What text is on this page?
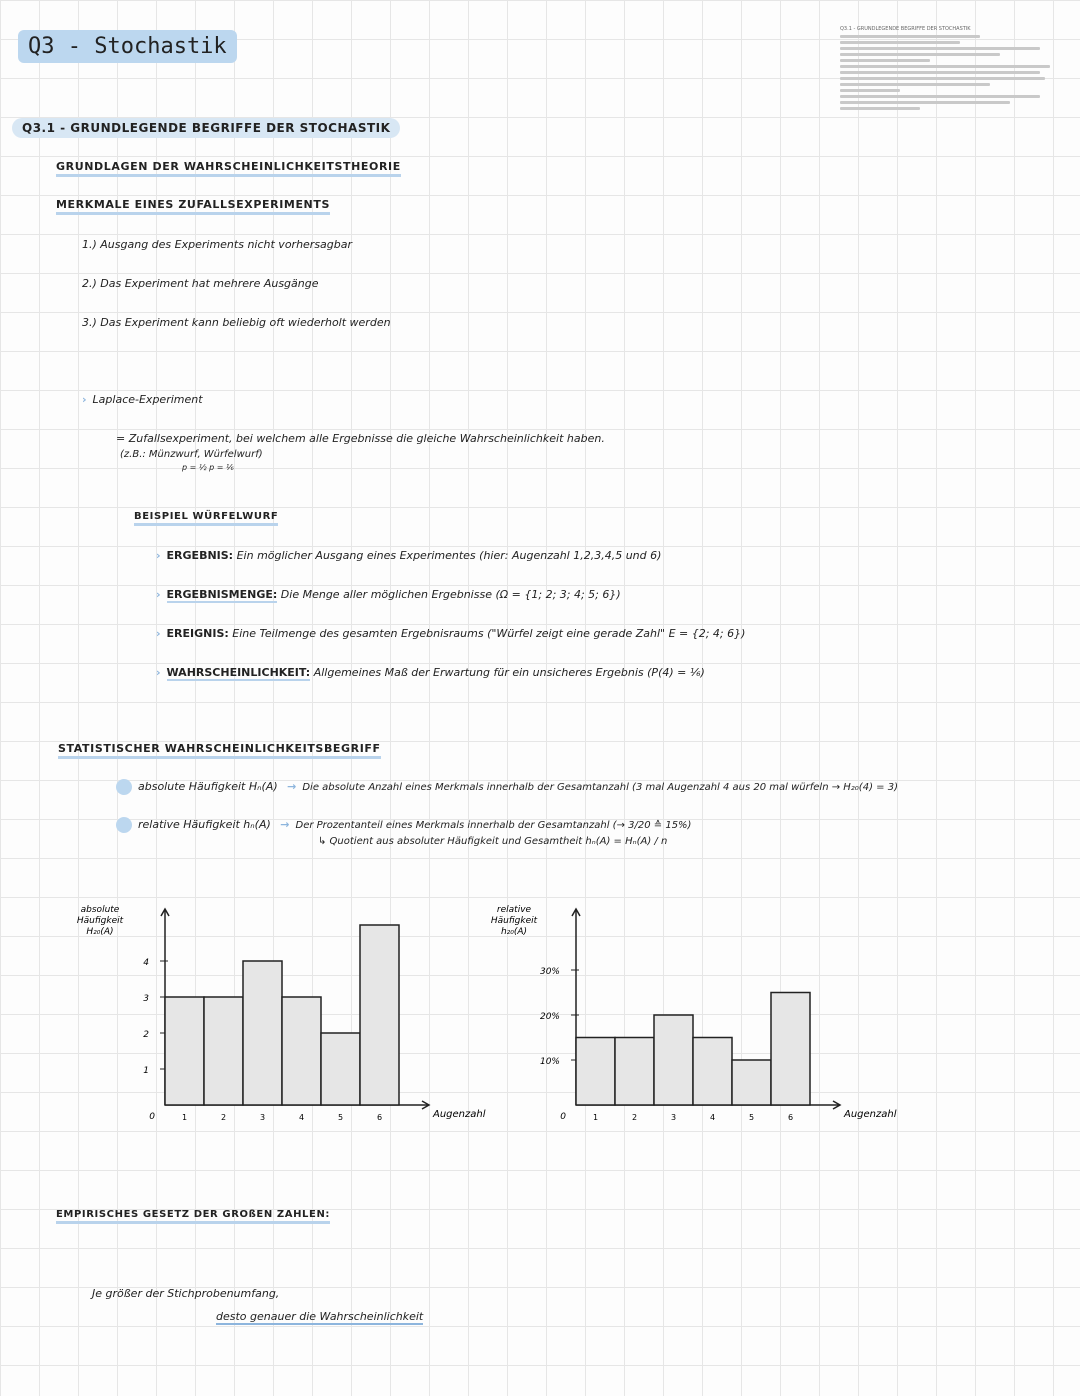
Q3 - Stochastik
Q3.1 - GRUNDLEGENDE BEGRIFFE DER STOCHASTIK
Q3.1 - GRUNDLEGENDE BEGRIFFE DER STOCHASTIK
GRUNDLAGEN DER WAHRSCHEINLICHKEITSTHEORIE
MERKMALE EINES ZUFALLSEXPERIMENTS
1.) Ausgang des Experiments nicht vorhersagbar
2.) Das Experiment hat mehrere Ausgänge
3.) Das Experiment kann beliebig oft wiederholt werden
› Laplace-Experiment
= Zufallsexperiment, bei welchem alle Ergebnisse die gleiche Wahrscheinlichkeit haben.
(z.B.: Münzwurf, Würfelwurf)
p = ½ p = ⅙
BEISPIEL WÜRFELWURF
› ERGEBNIS: Ein möglicher Ausgang eines Experimentes (hier: Augenzahl 1,2,3,4,5 und 6)
› ERGEBNISMENGE: Die Menge aller möglichen Ergebnisse (Ω = {1; 2; 3; 4; 5; 6})
› EREIGNIS: Eine Teilmenge des gesamten Ergebnisraums ("Würfel zeigt eine gerade Zahl" E = {2; 4; 6})
› WAHRSCHEINLICHKEIT: Allgemeines Maß der Erwartung für ein unsicheres Ergebnis (P(4) = ⅙)
STATISTISCHER WAHRSCHEINLICHKEITSBEGRIFF
absolute Häufigkeit Hₙ(A) → Die absolute Anzahl eines Merkmals innerhalb der Gesamtanzahl (3 mal Augenzahl 4 aus 20 mal würfeln → H₂₀(4) = 3)
relative Häufigkeit hₙ(A) → Der Prozentanteil eines Merkmals innerhalb der Gesamtanzahl (→ 3/20 ≙ 15%)
↳ Quotient aus absoluter Häufigkeit und Gesamtheit hₙ(A) = Hₙ(A) / n
0
1
2
3
4
1	2	3	4	5	6
absolute
Häufigkeit
H₂₀(A)
Augenzahl	0
10%
20%
30%
1	2	3	4	5	6
relative
Häufigkeit
h₂₀(A)
Augenzahl
EMPIRISCHES GESETZ DER GROßEN ZAHLEN:
Je größer der Stichprobenumfang,
desto genauer die Wahrscheinlichkeit
